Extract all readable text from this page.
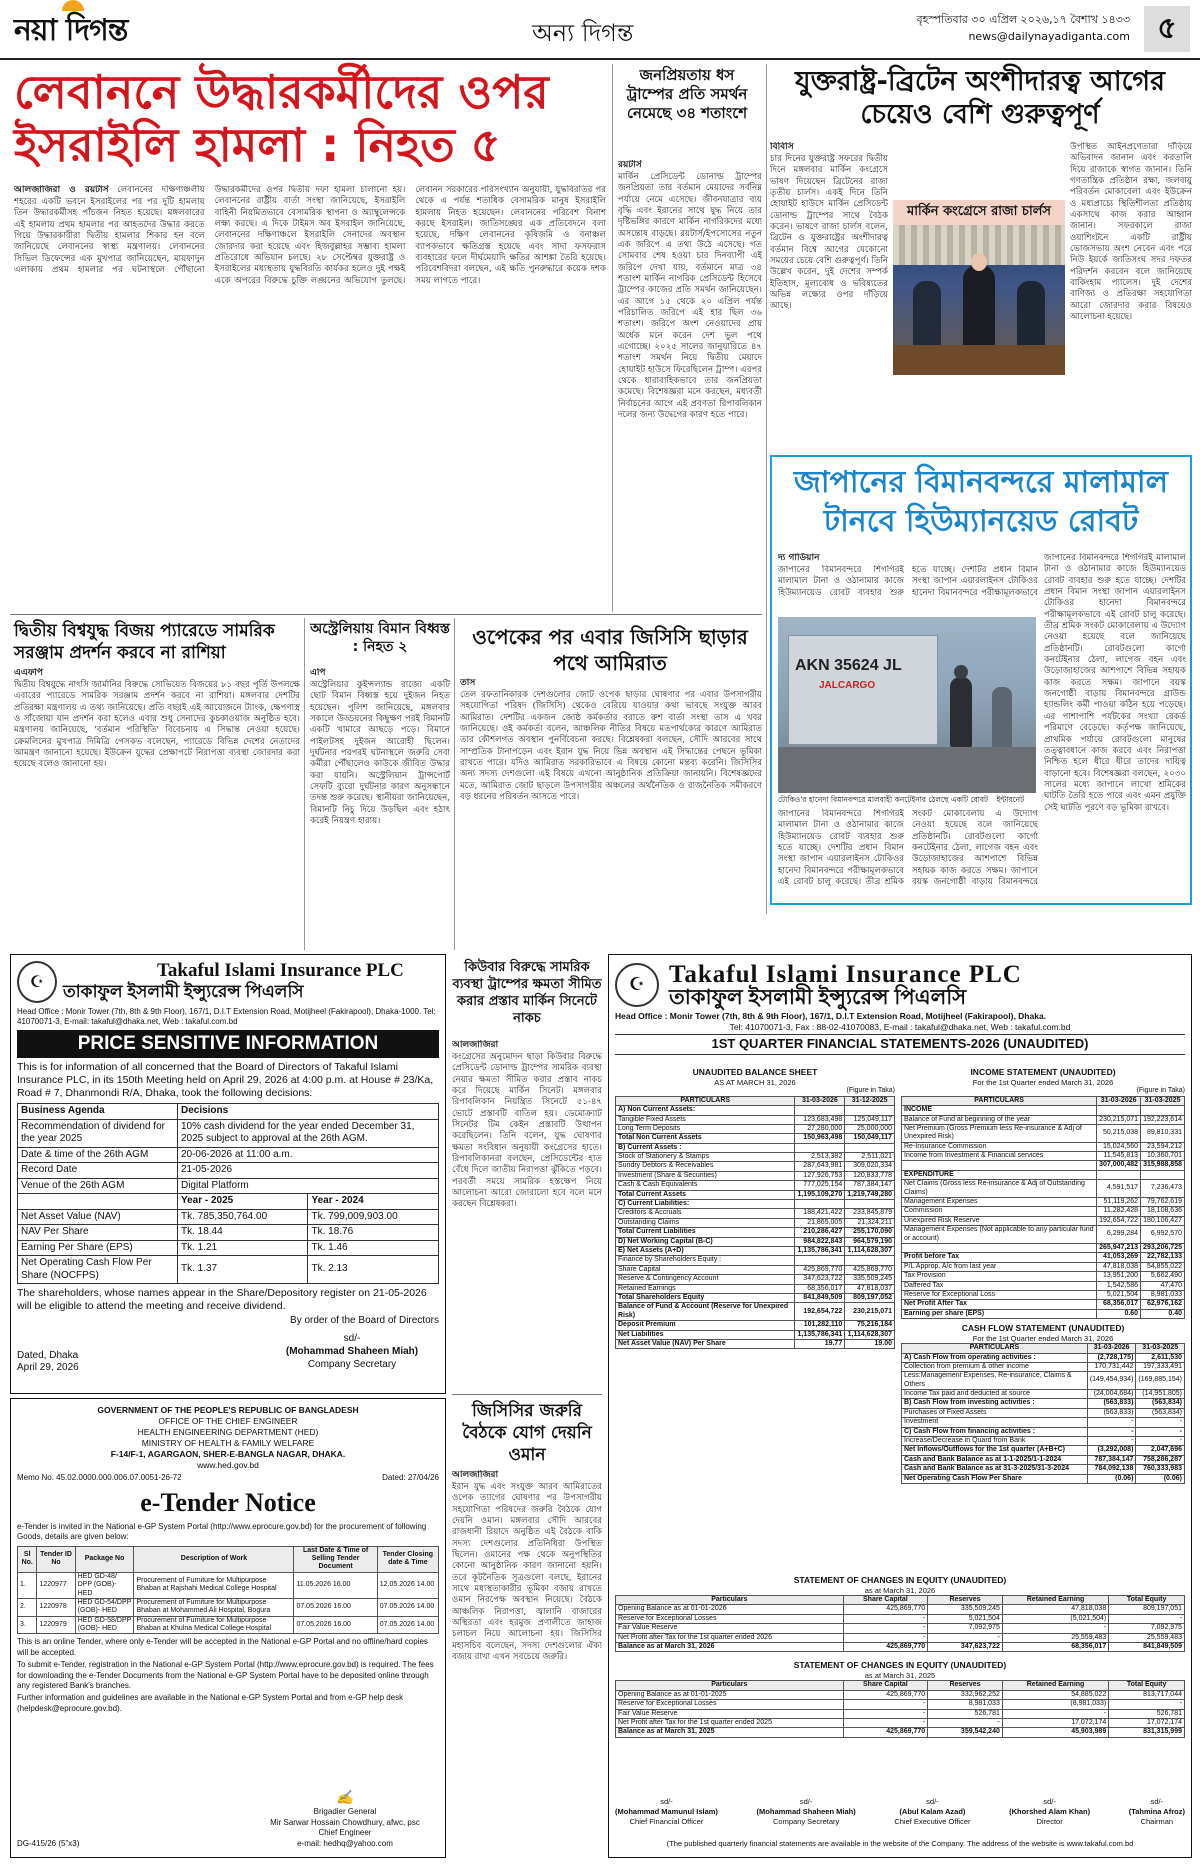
নয়া দিগন্ত	অন্য দিগন্ত	বৃহস্পতিবার ৩০ এপ্রিল ২০২৬,১৭ বৈশাখ ১৪৩৩
news@dailynayadiganta.com ৫
লেবাননে উদ্ধারকর্মীদের ওপর ইসরাইলি হামলা : নিহত ৫
আলজাজিরা ও রয়টার্স লেবাননের দক্ষিণাঞ্চলীয় শহরের একটি ভবনে ইসরাইলের পর পর দুটি হামলায় তিন উদ্ধারকর্মীসহ পাঁচজন নিহত হয়েছে। মঙ্গলবারের এই হামলায় প্রথম হামলার পর আহতদের উদ্ধার করতে গিয়ে উদ্ধারকারীরা দ্বিতীয় হামলার শিকার হন বলে জানিয়েছে লেবাননের স্বাস্থ্য মন্ত্রণালয়। লেবাননের সিভিল ডিফেন্সের এক মুখপাত্র জানিয়েছেন, মায়ফাদুন এলাকায় প্রথম হামলার পর ঘটনাস্থলে পৌঁছানো উদ্ধারকর্মীদের ওপর দ্বিতীয় দফা হামলা চালানো হয়। লেবাননের রাষ্ট্রীয় বার্তা সংস্থা জানিয়েছে, ইসরাইলি বাহিনী নিয়মিতভাবে বেসামরিক স্থাপনা ও অ্যাম্বুলেন্সকে লক্ষ্য করছে। এ দিকে টাইমস অব ইসরাইল জানিয়েছে, লেবাননের দক্ষিণাঞ্চলে ইসরাইলি সেনাদের অবস্থান জোরদার করা হয়েছে এবং হিজবুল্লাহর সম্ভাব্য হামলা প্রতিরোধে অভিযান চলছে। ২৮ সেপ্টেম্বর যুক্তরাষ্ট্র ও ইসরাইলের মধ্যস্থতায় যুদ্ধবিরতি কার্যকর হলেও দুই পক্ষই একে অপরের বিরুদ্ধে চুক্তি লঙ্ঘনের অভিযোগ তুলছে। লেবানন সরকারের পরিসংখ্যান অনুযায়ী, যুদ্ধবিরতির পর থেকে এ পর্যন্ত শতাধিক বেসামরিক মানুষ ইসরাইলি হামলায় নিহত হয়েছেন। লেবাননের পরিবেশ বিনাশ করছে ইসরাইল। জাতিসঙ্ঘের এক প্রতিবেদনে বলা হয়েছে, দক্ষিণ লেবাননের কৃষিজমি ও বনাঞ্চল ব্যাপকভাবে ক্ষতিগ্রস্ত হয়েছে এবং সাদা ফসফরাস ব্যবহারের ফলে দীর্ঘমেয়াদি ক্ষতির আশঙ্কা তৈরি হয়েছে। পরিবেশবিদরা বলছেন, এই ক্ষতি পুনরুদ্ধারে কয়েক দশক সময় লাগতে পারে।
জনপ্রিয়তায় ধস ট্রাম্পের প্রতি সমর্থন নেমেছে ৩৪ শতাংশে
রয়টার্স
মার্কিন প্রেসিডেন্ট ডোনাল্ড ট্রাম্পের জনপ্রিয়তা তার বর্তমান মেয়াদের সর্বনিম্ন পর্যায়ে নেমে এসেছে। জীবনযাত্রার ব্যয় বৃদ্ধি এবং ইরানের সাথে যুদ্ধ নিয়ে তার দৃষ্টিভঙ্গির কারণে মার্কিন নাগরিকদের মধ্যে অসন্তোষ বাড়ছে। রয়টার্স/ইপসোসের নতুন এক জরিপে এ তথ্য উঠে এসেছে। গত সোমবার শেষ হওয়া চার দিনব্যাপী এই জরিপে দেখা যায়, বর্তমানে মাত্র ৩৪ শতাংশ মার্কিন নাগরিক প্রেসিডেন্ট হিসেবে ট্রাম্পের কাজের প্রতি সমর্থন জানিয়েছেন। এর আগে ১৫ থেকে ২০ এপ্রিল পর্যন্ত পরিচালিত জরিপে এই হার ছিল ৩৬ শতাংশ। জরিপে অংশ নেওয়াদের প্রায় অর্ধেক মনে করেন দেশ ভুল পথে এগোচ্ছে। ২০২৫ সালের জানুয়ারিতে ৪৭ শতাংশ সমর্থন নিয়ে দ্বিতীয় মেয়াদে হোয়াইট হাউসে ফিরেছিলেন ট্রাম্প। এরপর থেকে ধারাবাহিকভাবে তার জনপ্রিয়তা কমেছে। বিশেষজ্ঞরা মনে করছেন, মধ্যবর্তী নির্বাচনের আগে এই প্রবণতা রিপাবলিকান দলের জন্য উদ্বেগের কারণ হতে পারে।
যুক্তরাষ্ট্র-ব্রিটেন অংশীদারত্ব আগের চেয়েও বেশি গুরুত্বপূর্ণ
বিবিসি
চার দিনের যুক্তরাষ্ট্র সফরের দ্বিতীয় দিনে মঙ্গলবার মার্কিন কংগ্রেসে ভাষণ দিয়েছেন ব্রিটেনের রাজা তৃতীয় চার্লস। একই দিনে তিনি হোয়াইট হাউসে মার্কিন প্রেসিডেন্ট ডোনাল্ড ট্রাম্পের সাথে বৈঠক করেন। ভাষণে রাজা চার্লস বলেন, ব্রিটেন ও যুক্তরাষ্ট্রের অংশীদারত্ব বর্তমান বিশ্বে আগের যেকোনো সময়ের চেয়ে বেশি গুরুত্বপূর্ণ। তিনি উল্লেখ করেন, দুই দেশের সম্পর্ক ইতিহাস, মূল্যবোধ ও ভবিষ্যতের অভিন্ন লক্ষ্যের ওপর দাঁড়িয়ে আছে।
মার্কিন কংগ্রেসে রাজা চার্লস
উপস্থিত আইনপ্রণেতারা দাঁড়িয়ে অভিবাদন জানান এবং করতালি দিয়ে রাজাকে স্বাগত জানান। তিনি গণতান্ত্রিক প্রতিষ্ঠান রক্ষা, জলবায়ু পরিবর্তন মোকাবেলা এবং ইউক্রেন ও মধ্যপ্রাচ্যে স্থিতিশীলতা প্রতিষ্ঠায় একসাথে কাজ করার আহ্বান জানান। সফরকালে রাজা ওয়াশিংটনে একটি রাষ্ট্রীয় ভোজসভায় অংশ নেবেন এবং পরে নিউ ইয়র্কে জাতিসংঘ সদর দফতর পরিদর্শন করবেন বলে জানিয়েছে বাকিংহাম প্যালেস। দুই দেশের বাণিজ্য ও প্রতিরক্ষা সহযোগিতা আরো জোরদার করার বিষয়েও আলোচনা হয়েছে।
জাপানের বিমানবন্দরে মালামাল টানবে হিউম্যানয়েড রোবট
দ্য গার্ডিয়ান
জাপানের বিমানবন্দরে শিগগিরই মালামাল টানা ও ওঠানামার কাজে হিউম্যানয়েড রোবট ব্যবহার শুরু হতে যাচ্ছে। দেশটির প্রধান বিমান সংস্থা জাপান এয়ারলাইনস টোকিওর হানেদা বিমানবন্দরে পরীক্ষামূলকভাবে
AKN 35624 JL
JALCARGO
টোকিও'র হানেদা বিমানবন্দরে মালবাহী কনটেইনার ঠেলছে একটি রোবট ইন্টারনেট
জাপানের বিমানবন্দরে শিগগিরই মালামাল টানা ও ওঠানামার কাজে হিউম্যানয়েড রোবট ব্যবহার শুরু হতে যাচ্ছে। দেশটির প্রধান বিমান সংস্থা জাপান এয়ারলাইনস টোকিওর হানেদা বিমানবন্দরে পরীক্ষামূলকভাবে এই রোবট চালু করেছে। তীব্র শ্রমিক সংকট মোকাবেলায় এ উদ্যোগ নেওয়া হয়েছে বলে জানিয়েছে প্রতিষ্ঠানটি। রোবটগুলো কার্গো কনটেইনার ঠেলা, লাগেজ বহন এবং উড়োজাহাজের আশপাশে বিভিন্ন সহায়ক কাজ করতে সক্ষম। জাপানে বয়স্ক জনগোষ্ঠী বাড়ায় বিমানবন্দরে
জাপানের বিমানবন্দরে শিগগিরই মালামাল টানা ও ওঠানামার কাজে হিউম্যানয়েড রোবট ব্যবহার শুরু হতে যাচ্ছে। দেশটির প্রধান বিমান সংস্থা জাপান এয়ারলাইনস টোকিওর হানেদা বিমানবন্দরে পরীক্ষামূলকভাবে এই রোবট চালু করেছে। তীব্র শ্রমিক সংকট মোকাবেলায় এ উদ্যোগ নেওয়া হয়েছে বলে জানিয়েছে প্রতিষ্ঠানটি। রোবটগুলো কার্গো কনটেইনার ঠেলা, লাগেজ বহন এবং উড়োজাহাজের আশপাশে বিভিন্ন সহায়ক কাজ করতে সক্ষম। জাপানে বয়স্ক জনগোষ্ঠী বাড়ায় বিমানবন্দরে গ্রাউন্ড হ্যান্ডলিং কর্মী পাওয়া কঠিন হয়ে পড়েছে। এর পাশাপাশি পর্যটকের সংখ্যা রেকর্ড পরিমাণে বেড়েছে। কর্তৃপক্ষ জানিয়েছে, প্রাথমিক পর্যায়ে রোবটগুলো মানুষের তত্ত্বাবধানে কাজ করবে এবং নিরাপত্তা নিশ্চিত হলে ধীরে ধীরে তাদের দায়িত্ব বাড়ানো হবে। বিশেষজ্ঞরা বলছেন, ২০৩০ সালের মধ্যে জাপানে লাখো শ্রমিকের ঘাটতি তৈরি হতে পারে এবং এমন প্রযুক্তি সেই ঘাটতি পূরণে বড় ভূমিকা রাখবে।
দ্বিতীয় বিশ্বযুদ্ধ বিজয় প্যারেডে সামরিক সরঞ্জাম প্রদর্শন করবে না রাশিয়া
এএফপি
দ্বিতীয় বিশ্বযুদ্ধে নাৎসি জার্মানির বিরুদ্ধে সোভিয়েত বিজয়ের ৮১ বছর পূর্তি উপলক্ষে এবারের প্যারেডে সামরিক সরঞ্জাম প্রদর্শন করবে না রাশিয়া। মঙ্গলবার দেশটির প্রতিরক্ষা মন্ত্রণালয় এ তথ্য জানিয়েছে। প্রতি বছরই এই আয়োজনে ট্যাংক, ক্ষেপণাস্ত্র ও সাঁজোয়া যান প্রদর্শন করা হলেও এবার শুধু সেনাদের কুচকাওয়াজ অনুষ্ঠিত হবে। মন্ত্রণালয় জানিয়েছে, 'বর্তমান পরিস্থিতি' বিবেচনায় এ সিদ্ধান্ত নেওয়া হয়েছে। ক্রেমলিনের মুখপাত্র দিমিত্রি পেসকভ বলেছেন, প্যারেডে বিভিন্ন দেশের নেতাদের আমন্ত্রণ জানানো হয়েছে। ইউক্রেন যুদ্ধের প্রেক্ষাপটে নিরাপত্তা ব্যবস্থা জোরদার করা হয়েছে বলেও জানানো হয়।
অস্ট্রেলিয়ায় বিমান বিধ্বস্ত : নিহত ২
এপি
অস্ট্রেলিয়ার কুইন্সল্যান্ড রাজ্যে একটি ছোট বিমান বিধ্বস্ত হয়ে দুইজন নিহত হয়েছেন। পুলিশ জানিয়েছে, মঙ্গলবার সকালে উড্ডয়নের কিছুক্ষণ পরই বিমানটি একটি খামারে আছড়ে পড়ে। বিমানে পাইলটসহ দুইজন আরোহী ছিলেন। দুর্ঘটনার পরপরই ঘটনাস্থলে জরুরি সেবা কর্মীরা পৌঁছালেও কাউকে জীবিত উদ্ধার করা যায়নি। অস্ট্রেলিয়ান ট্রান্সপোর্ট সেফটি ব্যুরো দুর্ঘটনার কারণ অনুসন্ধানে তদন্ত শুরু করেছে। স্থানীয়রা জানিয়েছেন, বিমানটি নিচু দিয়ে উড়ছিল এবং হঠাৎ করেই নিয়ন্ত্রণ হারায়।
ওপেকের পর এবার জিসিসি ছাড়ার পথে আমিরাত
তাস
তেল রফতানিকারক দেশগুলোর জোট ওপেক ছাড়ার ঘোষণার পর এবার উপসাগরীয় সহযোগিতা পরিষদ (জিসিসি) থেকেও বেরিয়ে যাওয়ার কথা ভাবছে সংযুক্ত আরব আমিরাত। দেশটির একজন জ্যেষ্ঠ কর্মকর্তার বরাতে রুশ বার্তা সংস্থা তাস এ খবর জানিয়েছে। ওই কর্মকর্তা বলেন, আঞ্চলিক নীতির বিষয়ে মতপার্থক্যের কারণে আমিরাত তার কৌশলগত অবস্থান পুনর্বিবেচনা করছে। বিশ্লেষকরা বলছেন, সৌদি আরবের সাথে সাম্প্রতিক টানাপড়েন এবং ইরান যুদ্ধ নিয়ে ভিন্ন অবস্থান এই সিদ্ধান্তের পেছনে ভূমিকা রাখতে পারে। যদিও আমিরাত সরকারিভাবে এ বিষয়ে কোনো মন্তব্য করেনি। জিসিসির অন্য সদস্য দেশগুলো এই বিষয়ে এখনো আনুষ্ঠানিক প্রতিক্রিয়া জানায়নি। বিশেষজ্ঞদের মতে, আমিরাত জোট ছাড়লে উপসাগরীয় অঞ্চলের অর্থনৈতিক ও রাজনৈতিক সমীকরণে বড় ধরনের পরিবর্তন আসতে পারে।
☪
Takaful Islami Insurance PLC
তাকাফুল ইসলামী ইন্স্যুরেন্স পিএলসি
Head Office : Monir Tower (7th, 8th & 9th Floor), 167/1, D.I.T Extension Road, Motijheel (Fakirapool), Dhaka-1000. Tel: 41070071-3, E-mail: takaful@dhaka.net, Web : takaful.com.bd
PRICE SENSITIVE INFORMATION
This is for information of all concerned that the Board of Directors of Takaful Islami Insurance PLC, in its 150th Meeting held on April 29, 2026 at 4:00 p.m. at House # 23/Ka, Road # 7, Dhanmondi R/A, Dhaka, took the following decisions:
Business Agenda	Decisions	
Recommendation of dividend for the year 2025	10% cash dividend for the year ended December 31, 2025 subject to approval at the 26th AGM.	
Date & time of the 26th AGM	20-06-2026 at 11:00 a.m.	
Record Date	21-05-2026	
Venue of the 26th AGM	Digital Platform	
	Year - 2025	Year - 2024
Net Asset Value (NAV)	Tk. 785,350,764.00	Tk. 799,009,903.00
NAV Per Share	Tk. 18.44	Tk. 18.76
Earning Per Share (EPS)	Tk. 1.21	Tk. 1.46
Net Operating Cash Flow Per Share (NOCFPS)	Tk. 1.37	Tk. 2.13
The shareholders, whose names appear in the Share/Depository register on 21-05-2026 will be eligible to attend the meeting and receive dividend.
By order of the Board of Directors
Dated, Dhaka
April 29, 2026
sd/-
(Mohammad Shaheen Miah)
Company Secretary
কিউবার বিরুদ্ধে সামরিক ব্যবস্থা ট্রাম্পের ক্ষমতা সীমিত করার প্রস্তাব মার্কিন সিনেটে নাকচ
আলজাজিরা
কংগ্রেসের অনুমোদন ছাড়া কিউবার বিরুদ্ধে প্রেসিডেন্ট ডোনাল্ড ট্রাম্পের সামরিক ব্যবস্থা নেয়ার ক্ষমতা সীমিত করার প্রস্তাব নাকচ করে দিয়েছে মার্কিন সিনেট। মঙ্গলবার রিপাবলিকান নিয়ন্ত্রিত সিনেটে ৫১-৪৭ ভোটে প্রস্তাবটি বাতিল হয়। ডেমোক্র্যাট সিনেটর টিম কেইন প্রস্তাবটি উত্থাপন করেছিলেন। তিনি বলেন, যুদ্ধ ঘোষণার ক্ষমতা সংবিধান অনুযায়ী কংগ্রেসের হাতে। রিপাবলিকানরা বলছেন, প্রেসিডেন্টের হাত বেঁধে দিলে জাতীয় নিরাপত্তা ঝুঁকিতে পড়বে। পরবর্তী সময়ে সামরিক হস্তক্ষেপ নিয়ে আলোচনা আরো জোরালো হবে বলে মনে করছেন বিশ্লেষকরা।
জিসিসির জরুরি বৈঠকে যোগ দেয়নি ওমান
আলজাজিরা
ইরান যুদ্ধ এবং সংযুক্ত আরব আমিরাতের ওপেক ত্যাগের ঘোষণার পর উপসাগরীয় সহযোগিতা পরিষদের জরুরি বৈঠকে যোগ দেয়নি ওমান। মঙ্গলবার সৌদি আরবের রাজধানী রিয়াদে অনুষ্ঠিত এই বৈঠকে বাকি সদস্য দেশগুলোর প্রতিনিধিরা উপস্থিত ছিলেন। ওমানের পক্ষ থেকে অনুপস্থিতির কোনো আনুষ্ঠানিক কারণ জানানো হয়নি। তবে কূটনৈতিক সূত্রগুলো বলছে, ইরানের সাথে মধ্যস্থতাকারীর ভূমিকা বজায় রাখতে ওমান নিরপেক্ষ অবস্থান নিয়েছে। বৈঠকে আঞ্চলিক নিরাপত্তা, জ্বালানি বাজারের অস্থিরতা এবং হরমুজ প্রণালীতে জাহাজ চলাচল নিয়ে আলোচনা হয়। জিসিসির মহাসচিব বলেছেন, সদস্য দেশগুলোর ঐক্য বজায় রাখা এখন সবচেয়ে জরুরি।
GOVERNMENT OF THE PEOPLE'S REPUBLIC OF BANGLADESH
OFFICE OF THE CHIEF ENGINEER
HEALTH ENGINEERING DEPARTMENT (HED)
MINISTRY OF HEALTH & FAMILY WELFARE
F-14/F-1, AGARGAON, SHER-E-BANGLA NAGAR, DHAKA.
www.hed.gov.bd
Memo No. 45.02.0000.000.006.07.0051-26-72	Dated: 27/04/26
e-Tender Notice
e-Tender is invited in the National e-GP System Portal (http://www.eprocure.gov.bd) for the procurement of following Goods, details are given below:
Sl No.	Tender ID No	Package No	Description of Work	Last Date & Time of Selling Tender Document	Tender Closing date & Time
1.	1220977	HED GD-48/ DPP (GOB)- HED	Procurement of Furniture for Multipurpose Bhaban at Rajshahi Medical College Hospital	11.05.2026 16.00	12.05.2026 14.00
2.	1220978	HED GD-54/DPP (GOB)- HED	Procurement of Furniture for Multipurpose Bhaban at Mohammed Ali Hospital, Bogura	07.05.2026 16.00	07.05.2026 14.00
3.	1220979	HED GD-58/DPP (GOB)- HED	Procurement of Furniture for Multipurpose Bhaban at Khulna Medical College Hospital	07.05.2026 16.00	07.05.2026 14.00
This is an online Tender, where only e-Tender will be accepted in the National e-GP Portal and no offline/hard copies will be accepted.
To submit e-Tender, registration in the National e-GP System Portal (http://www.eprocure.gov.bd) is required. The fees for downloading the e-Tender Documents from the National e-GP System Portal have to be deposited online through any registered Bank's branches.
Further information and guidelines are available in the National e-GP System Portal and from e-GP help desk (helpdesk@eprocure.gov.bd).
✍
Brigadier General
Mir Sarwar Hossain Chowdhury, afwc, psc
Chief Engineer
e-mail: hedhq@yahoo.com
DG-415/26 (5"x3)
☪ Takaful Islami Insurance PLC
তাকাফুল ইসলামী ইন্স্যুরেন্স পিএলসি
Head Office : Monir Tower (7th, 8th & 9th Floor), 167/1, D.I.T Extension Road, Motijheel (Fakirapool), Dhaka.
Tel: 41070071-3, Fax : 88-02-41070083, E-mail : takaful@dhaka.net, Web : takaful.com.bd
1ST QUARTER FINANCIAL STATEMENTS-2026 (UNAUDITED)
UNAUDITED BALANCE SHEET
AS AT MARCH 31, 2026
(Figure in Taka)
PARTICULARS	31-03-2026	31-12-2025
A) Non Current Assets:		
Tangible Fixed Assets	123,683,498	125,049,117
Long Term Deposits	27,280,000	25,000,000
Total Non Current Assets	150,963,498	150,049,117
B) Current Assets :		
Stock of Stationery & Stamps	2,513,382	2,511,021
Sundry Debtors & Receivables	287,643,981	309,020,334
Investment (Share & Securities)	127,926,753	120,833,778
Cash & Cash Equivalents	777,025,154	787,384,147
Total Current Assets	1,195,109,270	1,219,749,280
C) Current Liabilities:		
Creditors & Accruals	188,421,422	233,845,879
Outstanding Claims	21,865,005	21,324,211
Total Current Liabilities	210,286,427	255,170,090
D) Net Working Capital (B-C)	984,822,843	964,579,190
E) Net Assets (A+D)	1,135,786,341	1,114,628,307
Finance by Shareholders Equity :		
Share Capital	425,869,770	425,869,770
Reserve & Contingency Account	347,623,722	335,509,245
Retained Earnings	68,356,017	47,818,037
Total Shareholders Equity	841,849,509	809,197,052
Balance of Fund & Account (Reserve for Unexpired Risk)	192,654,722	230,215,071
Deposit Premium	101,282,110	75,216,184
Net Liabilities	1,135,786,341	1,114,628,307
Net Asset Value (NAV) Per Share	19.77	19.00
INCOME STATEMENT (UNAUDITED)
For the 1st Quarter ended March 31, 2026
(Figure in Taka)
PARTICULARS	31-03-2026	31-03-2025
INCOME		
Balance of Fund at beginning of the year	230,215,071	192,223,614
Net Premium (Gross Premium less Re-insurance & Adj of Unexpired Risk)	50,215,038	89,810,331
Re-Insurance Commission	15,024,560	23,594,212
Income from Investment & Financial services	11,545,813	10,360,701
	307,000,482	315,988,858
EXPENDITURE		
Net Claims (Gross less Re-insurance & Adj of Outstanding Claims)	4,591,517	7,236,473
Management Expenses	51,119,262	79,762,619
Commission	11,282,428	18,108,636
Unexpired Risk Reserve	192,654,722	180,106,427
Management Expenses (Not applicable to any particular fund or account)	6,299,284	6,992,570
	265,947,213	293,206,725
Profit before Tax	41,053,269	22,782,133
P/L Approp. A/c from last year	47,818,038	54,855,022
Tax Provision	13,951,200	5,662,490
Daffered Tax	1,542,586	47,470
Reserve for Exceptional Loss	5,021,504	8,981,033
Net Profit After Tax	68,356,017	62,976,162
Earning per share (EPS)	0.60	0.40
CASH FLOW STATEMENT (UNAUDITED)
For the 1st Quarter ended March 31, 2026
PARTICULARS	31-03-2026	31-03-2025
A) Cash Flow from operating activities :	(2,728,175)	2,611,530
Collection from premium & other income	170,731,442	197,333,491
Less:Management Expenses, Re-insurance, Claims & Others	(149,454,934)	(169,885,154)
Income Tax paid and deducted at source	(24,004,684)	(14,951,805)
B) Cash Flow from investing activities :	(563,833)	(563,834)
Purchases of Fixed Assets	(563,833)	(563,834)
Investment	-	-
C) Cash Flow from financing activities :	-	-
Increase/Decrease in Quard from Bank	-	-
Net Inflows/Outflows for the 1st quarter (A+B+C)	(3,292,008)	2,047,696
Cash and Bank Balance as at 1-1-2025/1-1-2024	787,384,147	758,286,287
Cash and Bank Balance as at 31-3-2025/31-3-2024	784,092,138	760,333,983
Net Operating Cash Flow Per Share	(0.06)	(0.06)
STATEMENT OF CHANGES IN EQUITY (UNAUDITED)
as at March 31, 2026
Particulars	Share Capital	Reserves	Retained Earning	Total Equity
Opening Balance as at 01-01-2026	425,869,770	335,509,245	47,818,038	809,197,051
Reserve for Exceptional Losses	-	5,021,504	(5,021,504)	-
Fair Value Reserve	-	7,092,975	-	7,092,975
Net Profit after Tax for the 1st quarter ended 2026	-	-	25,559,483	25,559,483
Balance as at March 31, 2026	425,869,770	347,623,722	68,356,017	841,849,509
STATEMENT OF CHANGES IN EQUITY (UNAUDITED)
as at March 31, 2025
Particulars	Share Capital	Reserves	Retained Earning	Total Equity
Opening Balance as at 01-01-2025	425,869,770	332,962,252	54,885,022	813,717,044
Reserve for Exceptional Losses	-	8,981,033	(8,981,033)	-
Fair Value Reserve	-	526,781	-	526,781
Net Profit after Tax for the 1st quarter ended 2025	-	-	17,072,174	17,072,174
Balance as at March 31, 2025	425,869,770	359,542,240	45,903,989	831,315,999
sd/-
(Mohammad Mamunul Islam)
Chief Financial Officer
sd/-
(Mohammad Shaheen Miah)
Company Secretary
sd/-
(Abul Kalam Azad)
Chief Executive Officer
sd/-
(Khorshed Alam Khan)
Director
sd/-
(Tahmina Afroz)
Chairman
(The published quarterly financial statements are available in the website of the Company. The address of the website is www.takaful.com.bd
